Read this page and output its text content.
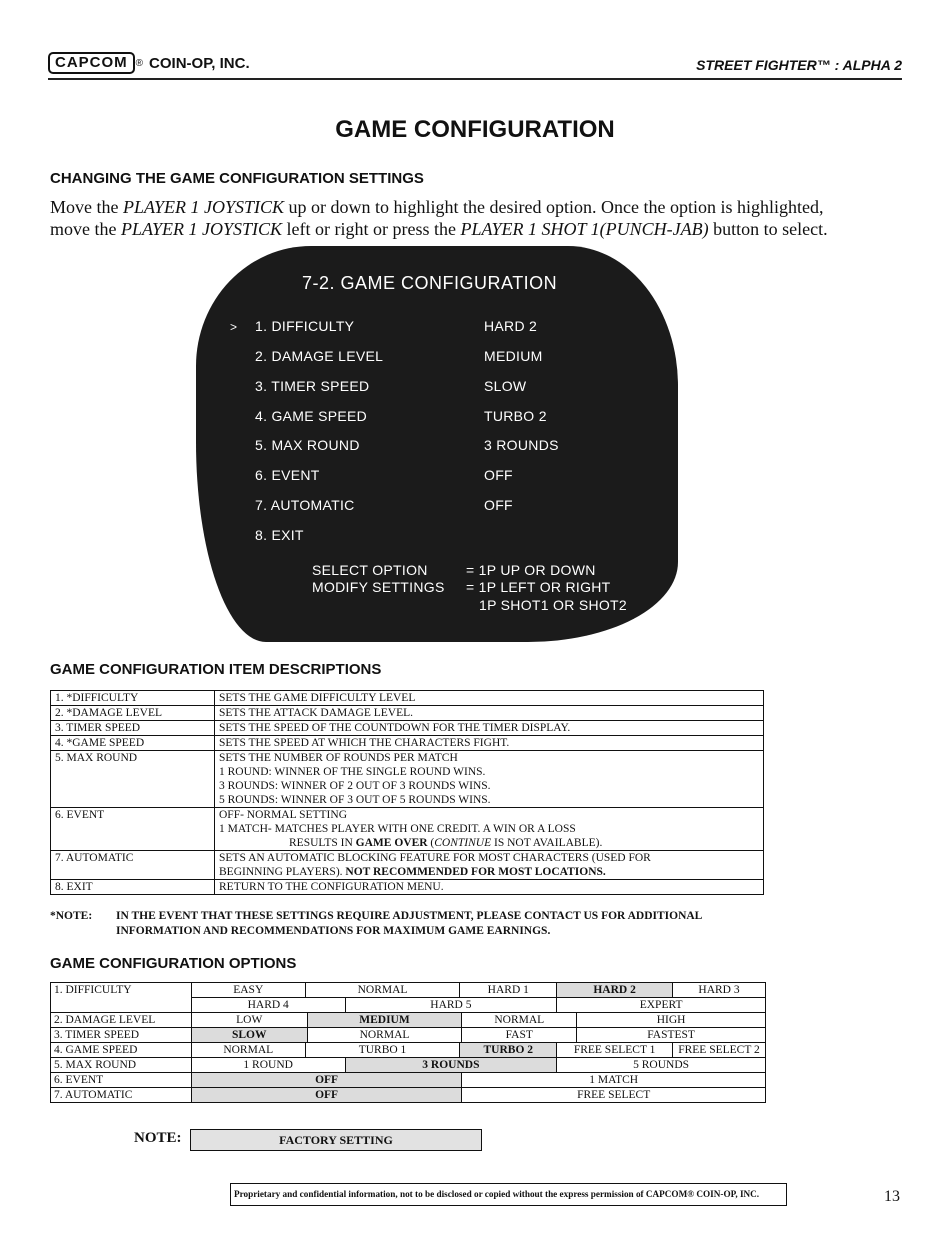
CAPCOM ® COIN-OP, INC.	STREET FIGHTER™ : ALPHA 2
GAME CONFIGURATION
CHANGING THE GAME CONFIGURATION SETTINGS
Move the PLAYER 1 JOYSTICK up or down to highlight the desired option. Once the option is highlighted, move the PLAYER 1 JOYSTICK left or right or press the PLAYER 1 SHOT 1(PUNCH-JAB) button to select.
7-2. GAME CONFIGURATION
> 1. DIFFICULTY	HARD 2
2. DAMAGE LEVEL	MEDIUM
3. TIMER SPEED	SLOW
4. GAME SPEED	TURBO 2
5. MAX ROUND	3 ROUNDS
6. EVENT	OFF
7. AUTOMATIC	OFF
8. EXIT
SELECT OPTION	= 1P UP OR DOWN
MODIFY SETTINGS = 1P LEFT OR RIGHT
1P SHOT1 OR SHOT2
GAME CONFIGURATION ITEM DESCRIPTIONS
1. *DIFFICULTY	SETS THE GAME DIFFICULTY LEVEL
2. *DAMAGE LEVEL	SETS THE ATTACK DAMAGE LEVEL.
3. TIMER SPEED	SETS THE SPEED OF THE COUNTDOWN FOR THE TIMER DISPLAY.
4. *GAME SPEED	SETS THE SPEED AT WHICH THE CHARACTERS FIGHT.
5. MAX ROUND	SETS THE NUMBER OF ROUNDS PER MATCH
1 ROUND: WINNER OF THE SINGLE ROUND WINS.
3 ROUNDS: WINNER OF 2 OUT OF 3 ROUNDS WINS.
5 ROUNDS: WINNER OF 3 OUT OF 5 ROUNDS WINS.

6. EVENT	OFF- NORMAL SETTING
1 MATCH- MATCHES PLAYER WITH ONE CREDIT. A WIN OR A LOSS
RESULTS IN GAME OVER (CONTINUE IS NOT AVAILABLE).

7. AUTOMATIC	SETS AN AUTOMATIC BLOCKING FEATURE FOR MOST CHARACTERS (USED FOR
BEGINNING PLAYERS). NOT RECOMMENDED FOR MOST LOCATIONS.

8. EXIT	RETURN TO THE CONFIGURATION MENU.
*NOTE:	IN THE EVENT THAT THESE SETTINGS REQUIRE ADJUSTMENT, PLEASE CONTACT US FOR ADDITIONAL INFORMATION AND RECOMMENDATIONS FOR MAXIMUM GAME EARNINGS.
GAME CONFIGURATION OPTIONS
1. DIFFICULTY	EASY	NORMAL			HARD 1		HARD 2		HARD 3
	HARD 4			HARD 5			EXPERT		
2. DAMAGE LEVEL	LOW		MEDIUM			NORMAL		HIGH	
3. TIMER SPEED	SLOW		NORMAL			FAST		FASTEST	
4. GAME SPEED	NORMAL	TURBO 1			TURBO 2		FREE SELECT 1		FREE SELECT 2
5. MAX ROUND	1 ROUND			3 ROUNDS			5 ROUNDS		
6. EVENT	OFF					1 MATCH			
7. AUTOMATIC	OFF					FREE SELECT			
NOTE:	FACTORY SETTING
Proprietary and confidential information, not to be disclosed or copied without the express permission of CAPCOM® COIN-OP, INC.	13
